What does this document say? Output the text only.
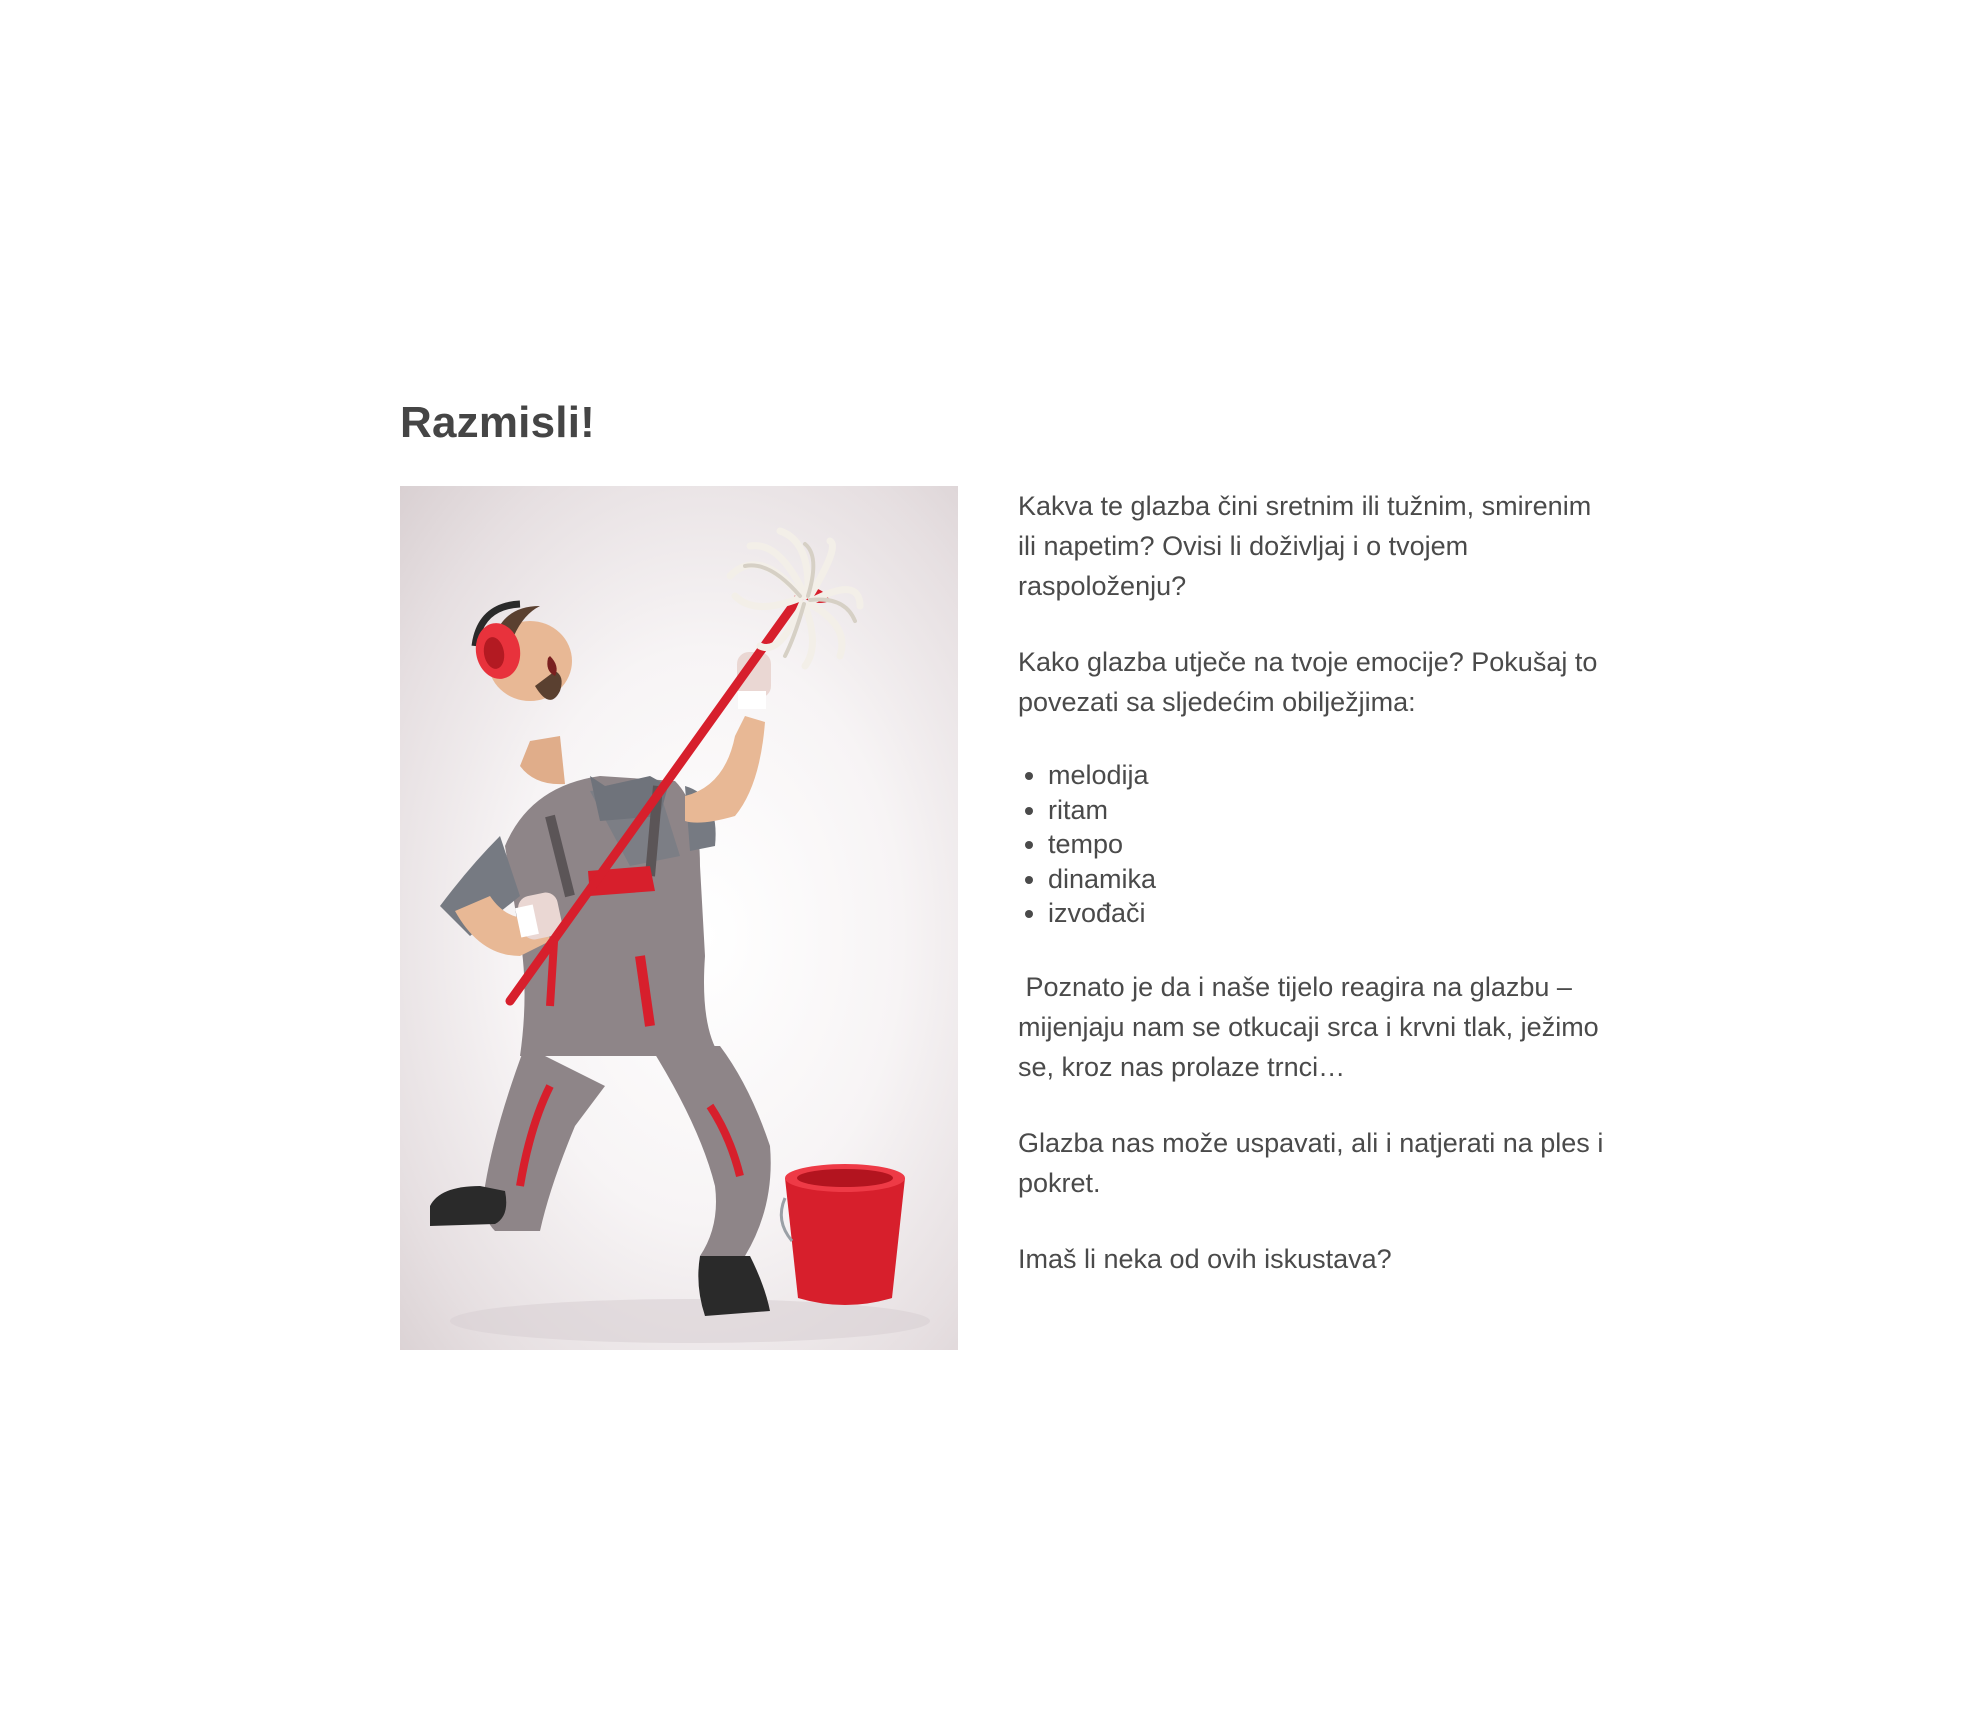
Razmisli!

Kakva te glazba čini sretnim ili tužnim, smirenim ili napetim? Ovisi li doživljaj i o tvojem raspoloženju?

Kako glazba utječe na tvoje emocije? Pokušaj to povezati sa sljedećim obilježjima:

• melodija
• ritam
• tempo
• dinamika
• izvođači

Poznato je da i naše tijelo reagira na glazbu – mijenjaju nam se otkucaji srca i krvni tlak, ježimo se, kroz nas prolaze trnci…

Glazba nas može uspavati, ali i natjerati na ples i pokret.

Imaš li neka od ovih iskustava?
